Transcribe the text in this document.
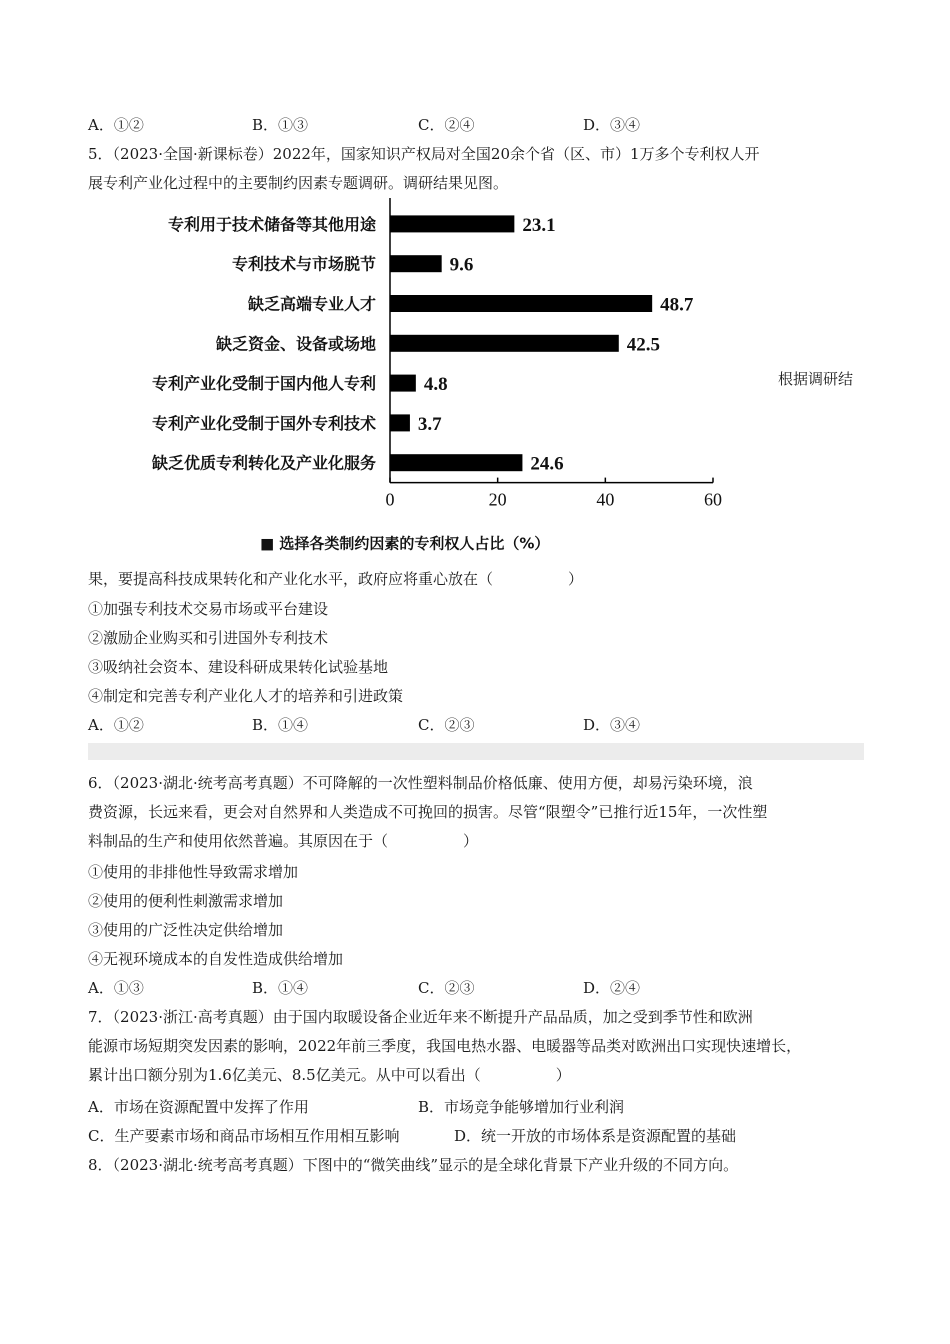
A．①②	B．①③	C．②④	D．③④
5．（2023·全国·新课标卷）2022年，国家知识产权局对全国20余个省（区、市）1万多个专利权人开
展专利产业化过程中的主要制约因素专题调研。调研结果见图。
专利用于技术储备等其他用途	23.1
专利技术与市场脱节	9.6
缺乏高端专业人才	48.7
缺乏资金、设备或场地	42.5
专利产业化受制于国内他人专利	4.8
专利产业化受制于国外专利技术 3.7
缺乏优质专利转化及产业化服务	24.6
0	20	40	60
■ 选择各类制约因素的专利权人占比（%）
根据调研结
果，要提高科技成果转化和产业化水平，政府应将重心放在（　　　　　）
①加强专利技术交易市场或平台建设
②激励企业购买和引进国外专利技术
③吸纳社会资本、建设科研成果转化试验基地
④制定和完善专利产业化人才的培养和引进政策
A．①②	B．①④	C．②③	D．③④
6．（2023·湖北·统考高考真题）不可降解的一次性塑料制品价格低廉、使用方便，却易污染环境，浪
费资源，长远来看，更会对自然界和人类造成不可挽回的损害。尽管“限塑令”已推行近15年，一次性塑
料制品的生产和使用依然普遍。其原因在于（　　　　　）
①使用的非排他性导致需求增加
②使用的便利性刺激需求增加
③使用的广泛性决定供给增加
④无视环境成本的自发性造成供给增加
A．①③	B．①④	C．②③	D．②④
7．（2023·浙江·高考真题）由于国内取暖设备企业近年来不断提升产品品质，加之受到季节性和欧洲
能源市场短期突发因素的影响，2022年前三季度，我国电热水器、电暖器等品类对欧洲出口实现快速增长，
累计出口额分别为1.6亿美元、8.5亿美元。从中可以看出（　　　　　）
A．市场在资源配置中发挥了作用	B．市场竞争能够增加行业利润
C．生产要素市场和商品市场相互作用相互影响	D．统一开放的市场体系是资源配置的基础
8．（2023·湖北·统考高考真题）下图中的“微笑曲线”显示的是全球化背景下产业升级的不同方向。
